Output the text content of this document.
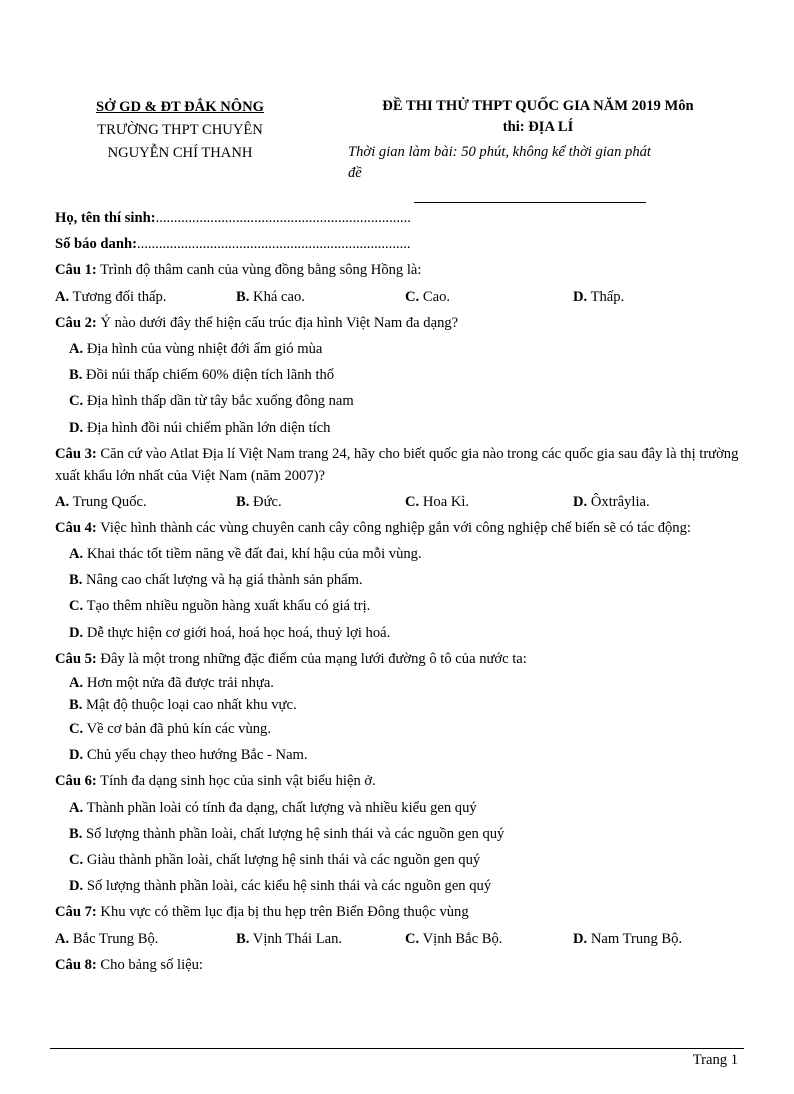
SỞ GD & ĐT ĐẮK NÔNG
TRƯỜNG THPT CHUYÊN
NGUYỄN CHÍ THANH
ĐỀ THI THỬ THPT QUỐC GIA NĂM 2019 Môn
thi: ĐỊA LÍ
Thời gian làm bài: 50 phút, không kể thời gian phát
đề
Họ, tên thí sinh:......................................................................
Số báo danh:...........................................................................
Câu 1: Trình độ thâm canh của vùng đồng bằng sông Hồng là:
A. Tương đối thấp.	B. Khá cao.	C. Cao.	D. Thấp.
Câu 2: Ý nào dưới đây thể hiện cấu trúc địa hình Việt Nam đa dạng?
A. Địa hình của vùng nhiệt đới ẩm gió mùa
B. Đồi núi thấp chiếm 60% diện tích lãnh thổ
C. Địa hình thấp dần từ tây bắc xuống đông nam
D. Địa hình đồi núi chiếm phần lớn diện tích
Câu 3: Căn cứ vào Atlat Địa lí Việt Nam trang 24, hãy cho biết quốc gia nào trong các quốc gia sau đây là thị trường xuất khẩu lớn nhất của Việt Nam (năm 2007)?
A. Trung Quốc.	B. Đức.	C. Hoa Kì.	D. Ôxtrâylia.
Câu 4: Việc hình thành các vùng chuyên canh cây công nghiệp gắn với công nghiệp chế biến sẽ có tác động:
A. Khai thác tốt tiềm năng về đất đai, khí hậu của mỗi vùng.
B. Nâng cao chất lượng và hạ giá thành sản phẩm.
C. Tạo thêm nhiều nguồn hàng xuất khẩu có giá trị.
D. Dễ thực hiện cơ giới hoá, hoá học hoá, thuỷ lợi hoá.
Câu 5: Đây là một trong những đặc điểm của mạng lưới đường ô tô của nước ta:
A. Hơn một nửa đã được trải nhựa.
B. Mật độ thuộc loại cao nhất khu vực.
C. Về cơ bản đã phủ kín các vùng.
D. Chủ yếu chạy theo hướng Bắc - Nam.
Câu 6: Tính đa dạng sinh học của sinh vật biểu hiện ở.
A. Thành phần loài có tính đa dạng, chất lượng và nhiều kiểu gen quý
B. Số lượng thành phần loài, chất lượng hệ sinh thái và các nguồn gen quý
C. Giàu thành phần loài, chất lượng hệ sinh thái và các nguồn gen quý
D. Số lượng thành phần loài, các kiểu hệ sinh thái và các nguồn gen quý
Câu 7: Khu vực có thềm lục địa bị thu hẹp trên Biển Đông thuộc vùng
A. Bắc Trung Bộ.	B. Vịnh Thái Lan.	C. Vịnh Bắc Bộ.	D. Nam Trung Bộ.
Câu 8: Cho bảng số liệu:
Trang 1
